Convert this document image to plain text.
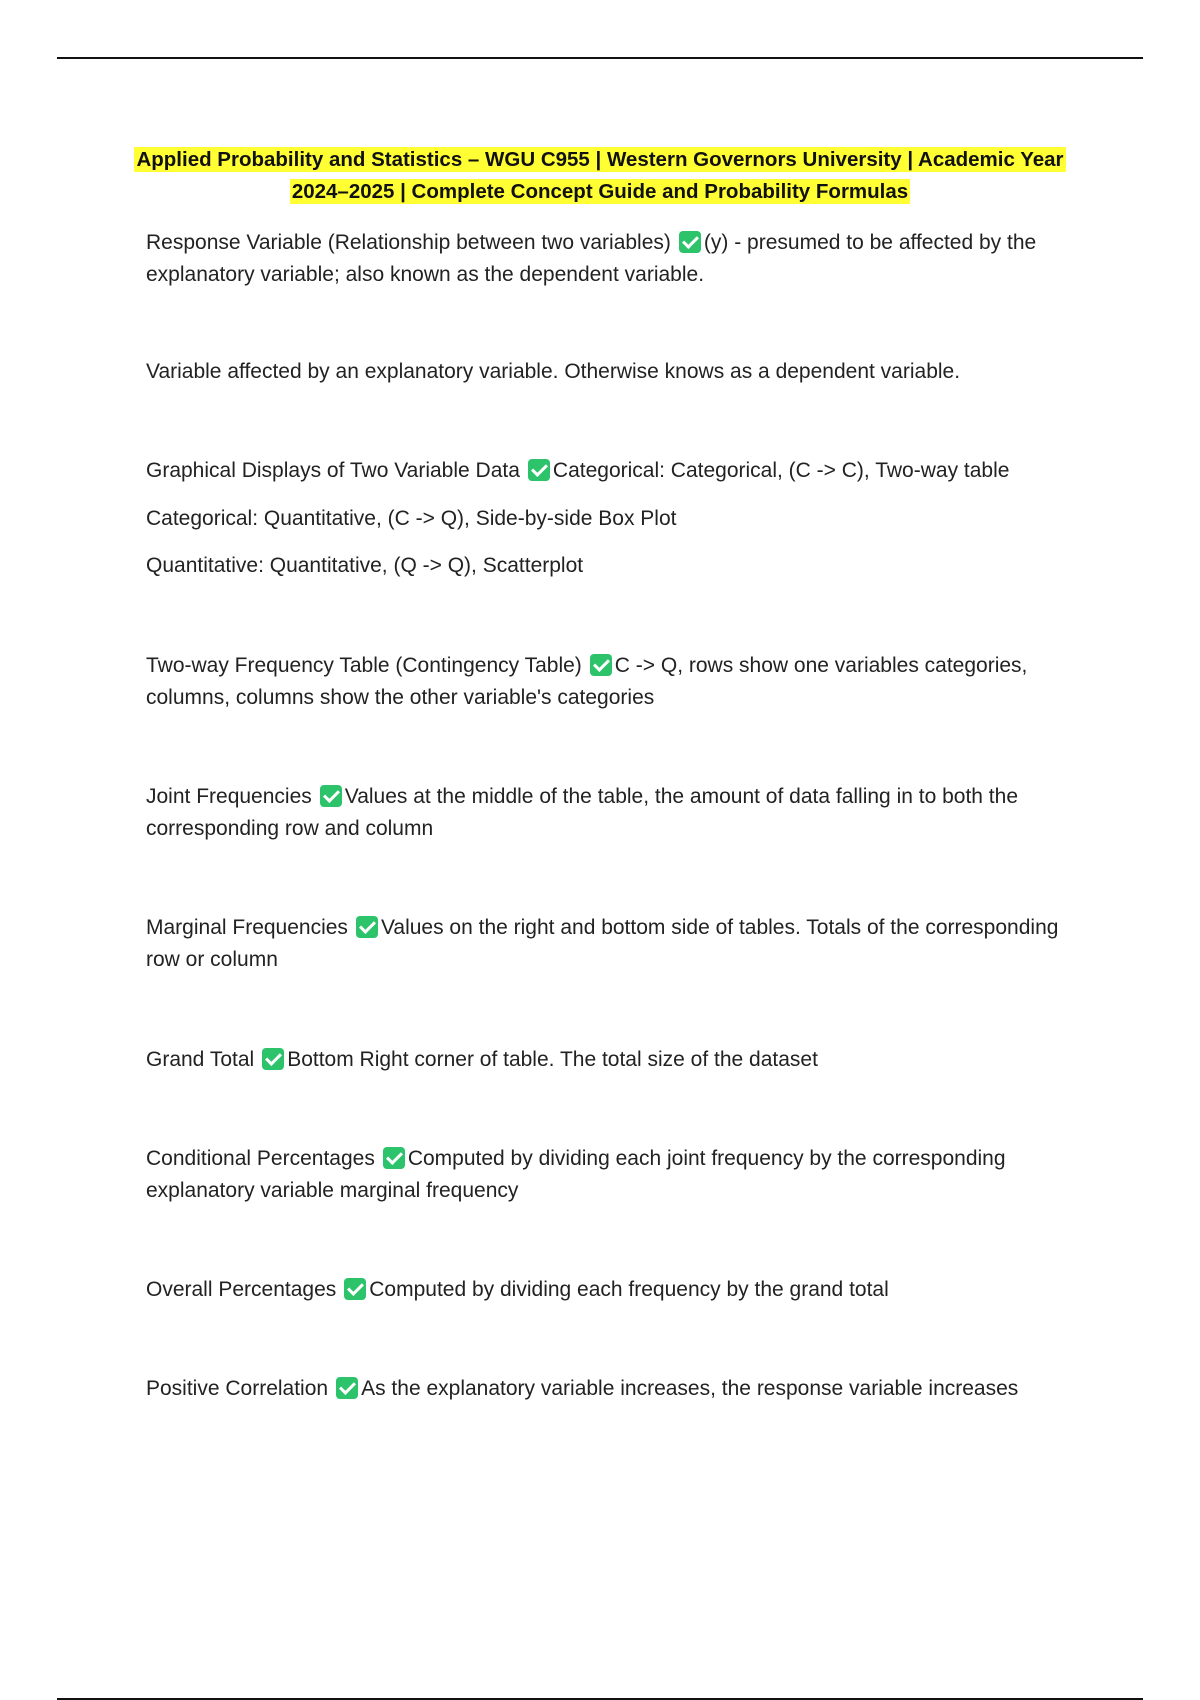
Applied Probability and Statistics – WGU C955 | Western Governors University | Academic Year 2024–2025 | Complete Concept Guide and Probability Formulas

Response Variable (Relationship between two variables) (y) - presumed to be affected by the explanatory variable; also known as the dependent variable.

Variable affected by an explanatory variable. Otherwise knows as a dependent variable.

Graphical Displays of Two Variable Data Categorical: Categorical, (C -> C), Two-way table

Categorical: Quantitative, (C -> Q), Side-by-side Box Plot

Quantitative: Quantitative, (Q -> Q), Scatterplot

Two-way Frequency Table (Contingency Table) C -> Q, rows show one variables categories, columns, columns show the other variable's categories

Joint Frequencies Values at the middle of the table, the amount of data falling in to both the corresponding row and column

Marginal Frequencies Values on the right and bottom side of tables. Totals of the corresponding row or column

Grand Total Bottom Right corner of table. The total size of the dataset

Conditional Percentages Computed by dividing each joint frequency by the corresponding explanatory variable marginal frequency

Overall Percentages Computed by dividing each frequency by the grand total

Positive Correlation As the explanatory variable increases, the response variable increases
